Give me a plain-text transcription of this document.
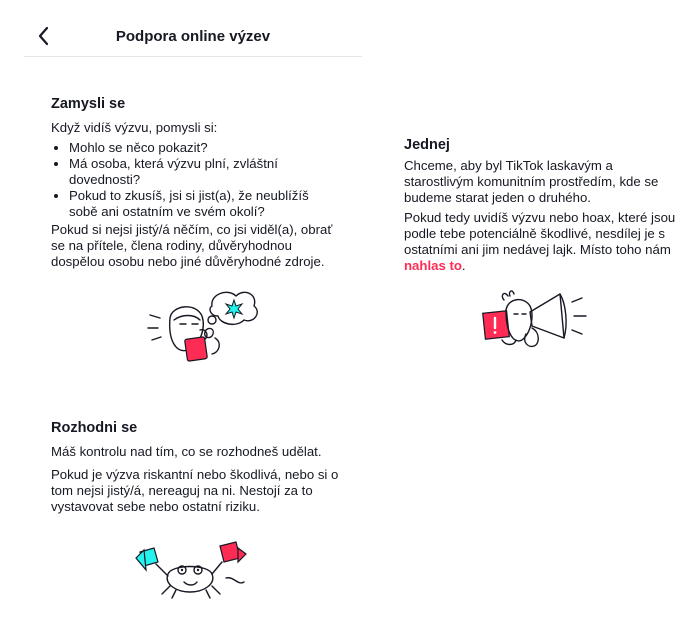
Podpora online výzev
Zamysli se

Když vidíš výzvu, pomysli si:

• Mohlo se něco pokazit?
• Má osoba, která výzvu plní, zvláštní dovednosti?
• Pokud to zkusíš, jsi si jist(a), že neublížíš sobě ani ostatním ve svém okolí?

Pokud si nejsi jistý/á něčím, co jsi viděl(a), obrať se na přítele, člena rodiny, důvěryhodnou dospělou osobu nebo jiné důvěryhodné zdroje.

Rozhodni se

Máš kontrolu nad tím, co se rozhodneš udělat.

Pokud je výzva riskantní nebo škodlivá, nebo si o tom nejsi jistý/á, nereaguj na ni. Nestojí za to vystavovat sebe nebo ostatní riziku.

Jednej

Chceme, aby byl TikTok laskavým a starostlivým komunitním prostředím, kde se budeme starat jeden o druhého.

Pokud tedy uvidíš výzvu nebo hoax, které jsou podle tebe potenciálně škodlivé, nesdílej je s ostatními ani jim nedávej lajk. Místo toho nám nahlas to.
